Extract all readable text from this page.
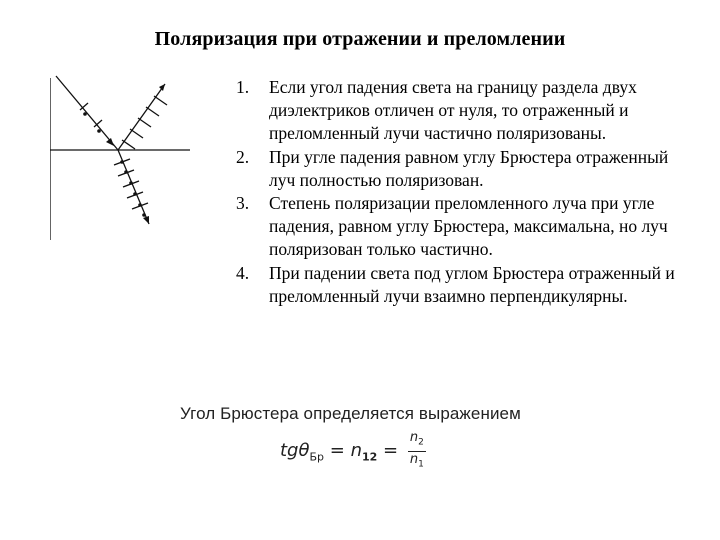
Поляризация при отражении и преломлении
1. Если угол падения света на границу раздела двух диэлектриков отличен от нуля, то отраженный и преломленный лучи частично поляризованы.
2. При угле падения равном углу Брюстера отраженный луч полностью поляризован.
3. Степень поляризации преломленного луча при угле падения, равном углу Брюстера, максимальна, но луч поляризован только частично.
4. При падении света под углом Брюстера отраженный и преломленный лучи взаимно перпендикулярны.
Угол Брюстера определяется выражением
$tg\theta_{Бр} = n_{12} = \frac{n_2}{n_1}$
